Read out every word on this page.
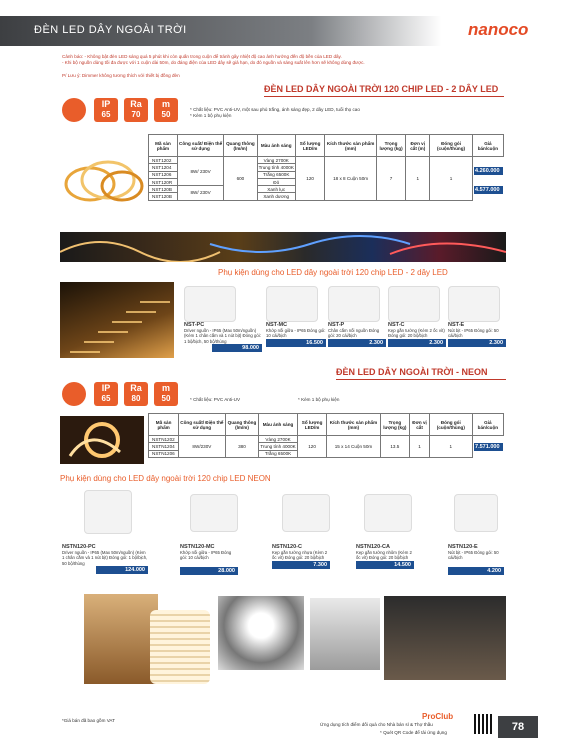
ĐÈN LED DÂY NGOÀI TRỜI	nanoco
Cảnh báo: - Không bật đèn LED sáng quá 5 phút khi còn quấn trong cuộn để tránh gây nhiệt độ cao ảnh hưởng đến độ bền của LED dây.
- Khi bộ nguồn dùng tối đa được với 1 cuộn dài 50m, do đáng điện của LED dây sẽ giả hạn, do đó nguồn và sáng suất lên hơn sẽ không dùng được.
P/ Lưu ý: Dimmer không tương thích với thiết bị đồng đèn
ĐÈN LED DÂY NGOÀI TRỜI 120 CHIP LED - 2 DÂY LED
IP
65
Ra
70
m
50
* Chất liệu: PVC Anti-UV, một sau phủ trắng, ánh sáng đẹp, 2 dây LED, tuổi thọ cao
* Kèm 1 bộ phụ kiện
Mã sản phẩm	Công suất/ Điện thế sử dụng	Quang thông (lm/m)	Màu ánh sáng	Số lượng LED/m	Kích thước sản phẩm (mm)	Trọng lượng (kg)	Đơn vị cắt (m)	Đóng gói (cuộn/thùng)	Giá bán/cuộn
NST1202	8W/ 230V	600	Vàng 2700K	120	18 x 8 Cuộn 50m	7	1	1	4.260.000

NST1204			Trung tính 4000K						
NST1206			Trắng 6500K						
NST120R			Đỏ						
NST120B	8W/ 230V		Xanh lục						4.577.000

NST120B			Xanh dương						
Phụ kiện dùng cho LED dây ngoài trời 120 chip LED - 2 dây LED
NST-PC
Driver nguồn - IP65 (Max 50m/nguồn) (Kèm 1 chân cắm và 1 nút bịt) Đóng gói: 1 bộ/bịch, 50 bộ/thùng
98.000
NST-MC
Khớp nối giữa - IP65 Đóng gói: 10 cái/bịch
16.500
NST-P
Chân cắm nối nguồn Đóng gói: 20 cái/bịch
2.300
NST-C
Kẹp gắn tường (Kèm 2 ốc vít) Đóng gói: 20 bộ/bịch
2.300
NST-E
Nút bịt - IP65 Đóng gói: 50 cái/bịch
2.300
ĐÈN LED DÂY NGOÀI TRỜI - NEON
IP
65
Ra
80
m
50	* Chất liệu: PVC Anti-UV	* Kèm 1 bộ phụ kiện
Mã sản phẩm	Công suất/ Điện thế sử dụng	Quang thông (lm/m)	Màu ánh sáng	Số lượng LED/m	Kích thước sản phẩm (mm)	Trọng lượng (kg)	Đơn vị cắt	Đóng gói (cuộn/thùng)	Giá bán/cuộn
NSTN1202	8W/230V	380	Vàng 2700K	120	15 x 14 Cuộn 50m	13.5	1	1	7.571.000

NSTN1204			Trung tính 4000K						
NSTN1206			Trắng 6500K						
Phụ kiện dùng cho LED dây ngoài trời 120 chip LED NEON
NSTN120-PC
Driver nguồn - IP65 (Max 50m/nguồn) (Kèm 1 chân cắm và 1 nút bịt) Đóng gói: 1 bộ/bịch, 50 bộ/thùng
124.000
NSTN120-MC
Khớp nối giữa - IP65 Đóng gói: 10 cái/bịch
28.000
NSTN120-C
Kẹp gắn tường nhựa (Kèm 2 ốc vít) Đóng gói: 20 bộ/bịch
7.300
NSTN120-CA
Kẹp gắn tường nhôm (Kèm 2 ốc vít) Đóng gói: 20 bộ/bịch
14.500
NSTN120-E
Nút bịt - IP65 Đóng gói: 50 cái/bịch
4.200
*Giá bán đã bao gồm VAT	ProClub
Ứng dụng tích điểm dối quà cho Nhà bán sỉ & Thợ thầu
* Quét QR Code để tải ứng dụng	78
